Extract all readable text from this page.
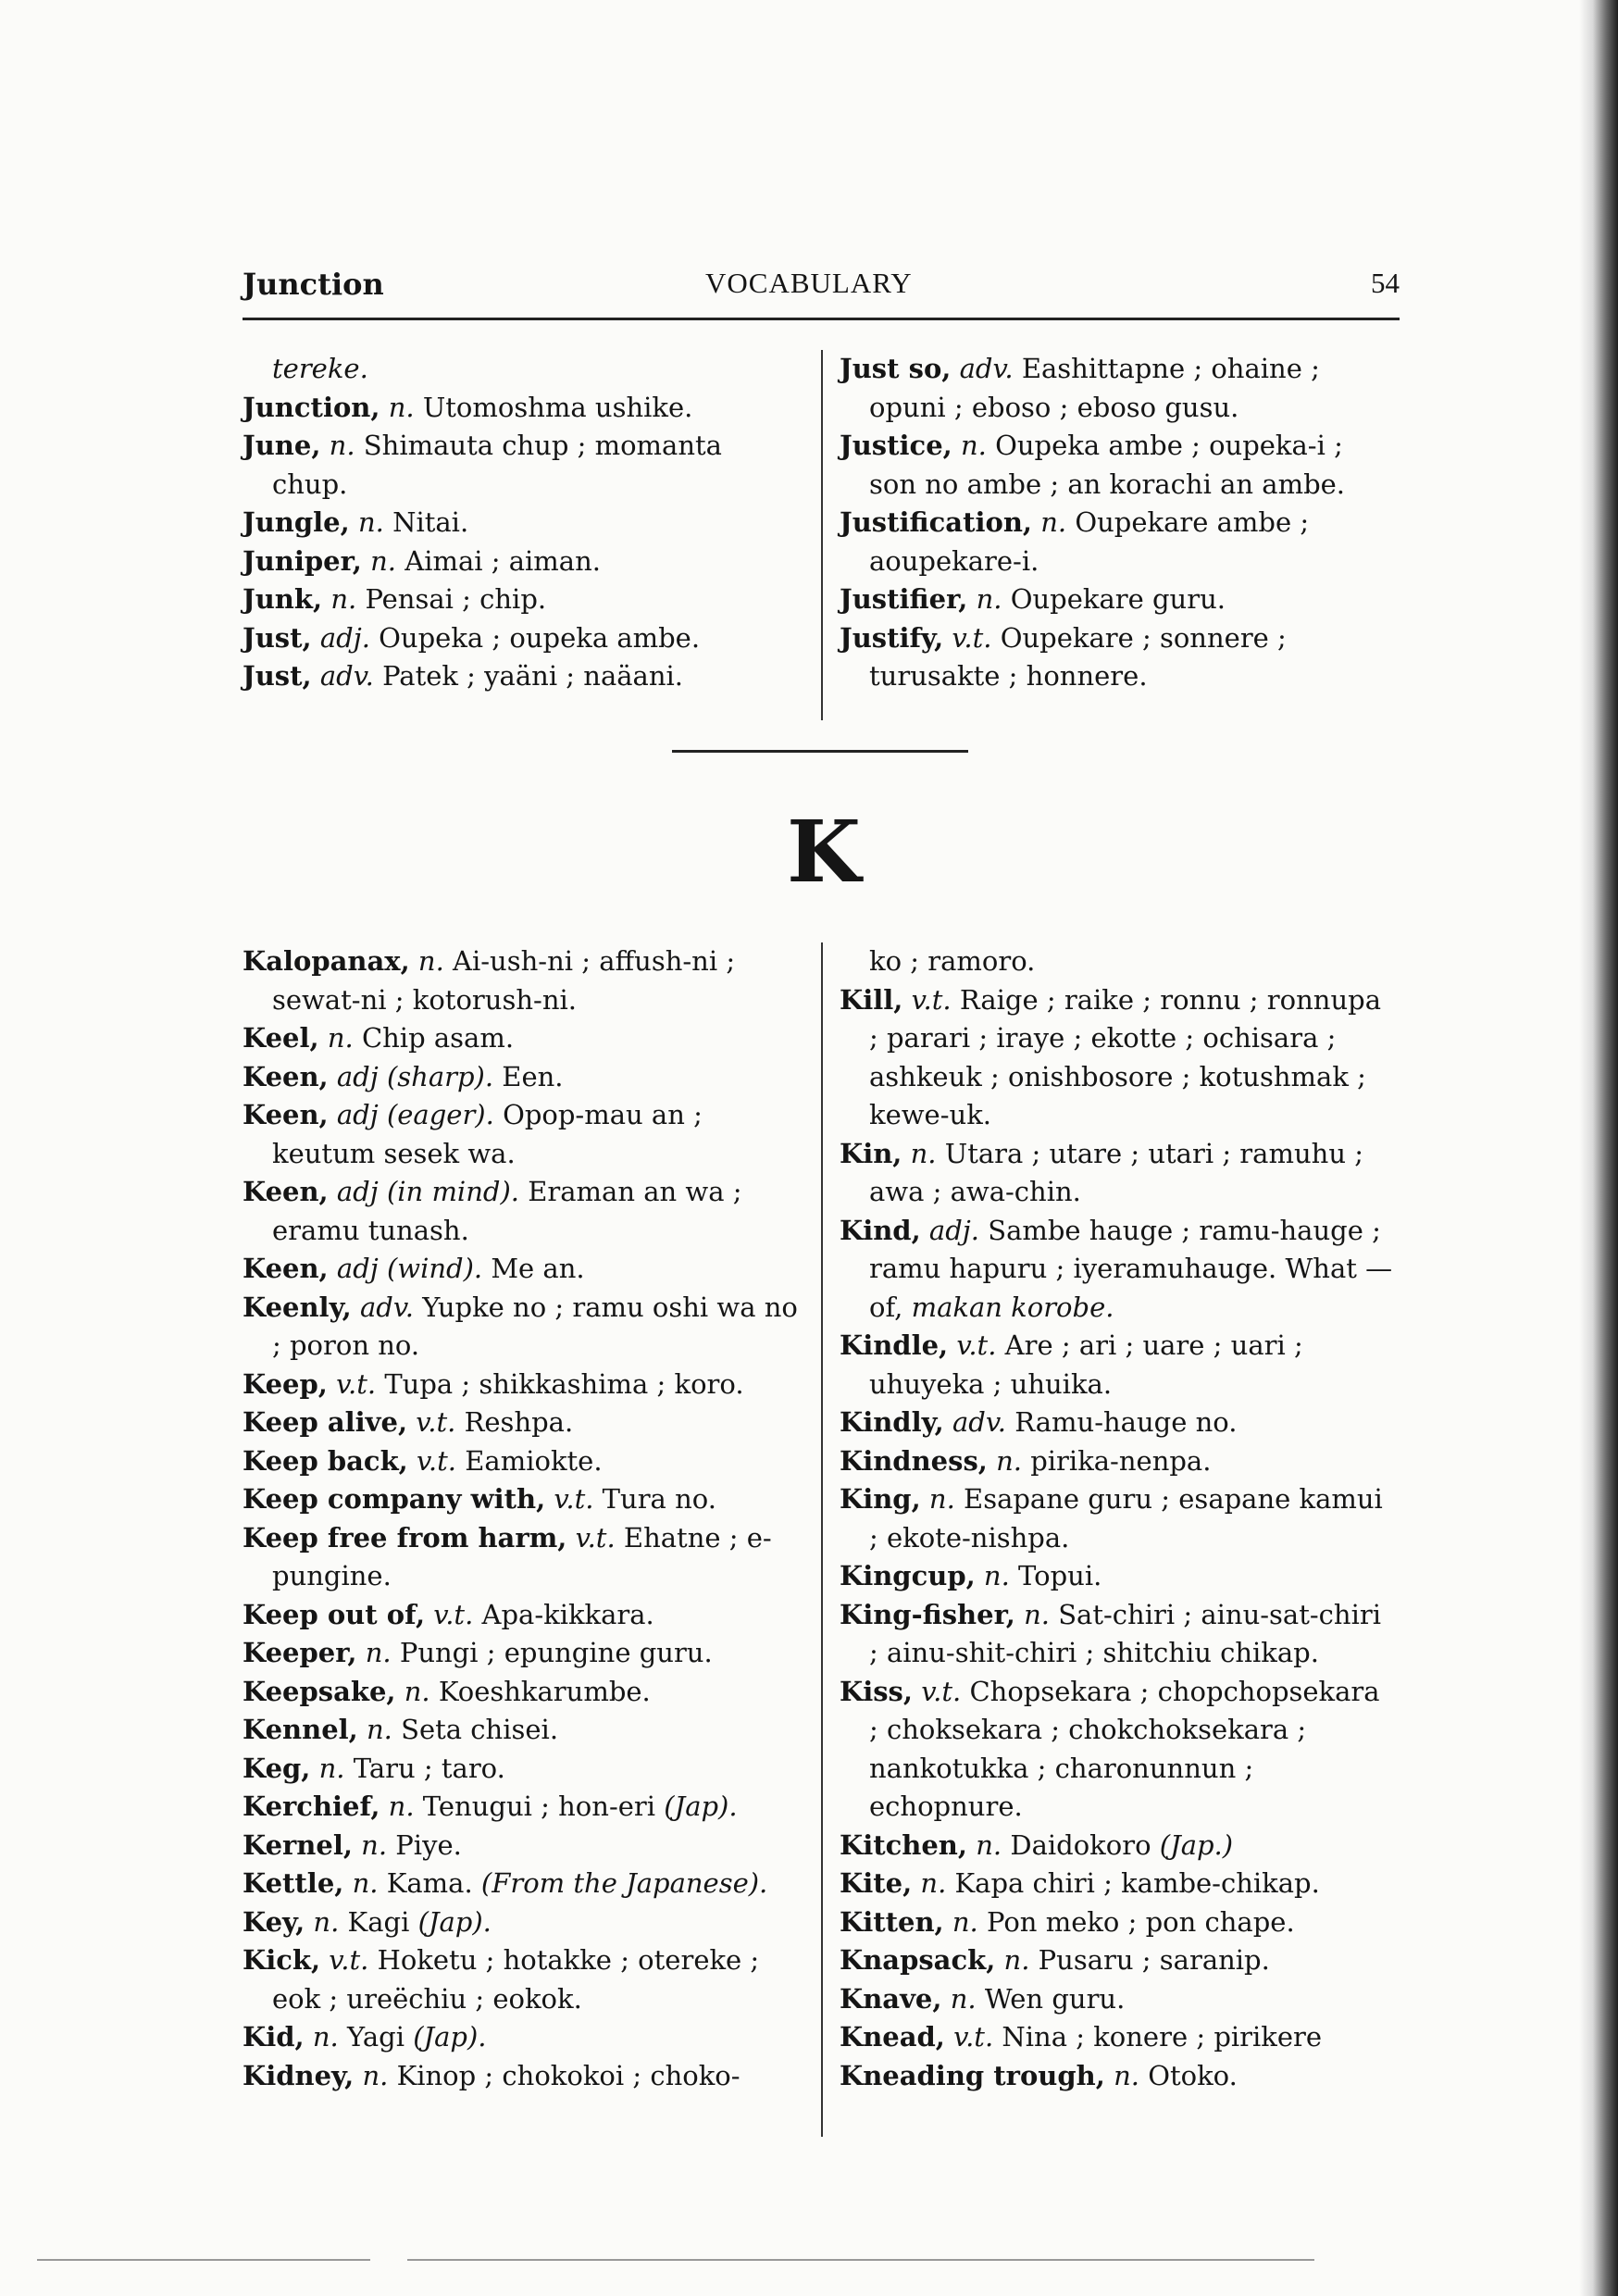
Junction	VOCABULARY	54

tereke.

Junction, n. Utomoshma ushike.

June, n. Shimauta chup ; momanta chup.

Jungle, n. Nitai.

Juniper, n. Aimai ; aiman.

Junk, n. Pensai ; chip.

Just, adj. Oupeka ; oupeka ambe.

Just, adv. Patek ; yaäni ; naäani.

Just so, adv. Eashittapne ; ohaine ; opuni ; eboso ; eboso gusu.

Justice, n. Oupeka ambe ; oupeka-i ; son no ambe ; an korachi an ambe.

Justification, n. Oupekare ambe ; aoupekare-i.

Justifier, n. Oupekare guru.

Justify, v.t. Oupekare ; sonnere ; turusakte ; honnere.

K

Kalopanax, n. Ai-ush-ni ; affush-ni ; sewat-ni ; kotorush-ni.

Keel, n. Chip asam.

Keen, adj (sharp). Een.

Keen, adj (eager). Opop-mau an ; keutum sesek wa.

Keen, adj (in mind). Eraman an wa ; eramu tunash.

Keen, adj (wind). Me an.

Keenly, adv. Yupke no ; ramu oshi wa no ; poron no.

Keep, v.t. Tupa ; shikkashima ; koro.

Keep alive, v.t. Reshpa.

Keep back, v.t. Eamiokte.

Keep company with, v.t. Tura no.

Keep free from harm, v.t. Ehatne ; e-pungine.

Keep out of, v.t. Apa-kikkara.

Keeper, n. Pungi ; epungine guru.

Keepsake, n. Koeshkarumbe.

Kennel, n. Seta chisei.

Keg, n. Taru ; taro.

Kerchief, n. Tenugui ; hon-eri (Jap).

Kernel, n. Piye.

Kettle, n. Kama. (From the Japanese).

Key, n. Kagi (Jap).

Kick, v.t. Hoketu ; hotakke ; otereke ; eok ; ureëchiu ; eokok.

Kid, n. Yagi (Jap).

Kidney, n. Kinop ; chokokoi ; choko-

ko ; ramoro.

Kill, v.t. Raige ; raike ; ronnu ; ronnupa ; parari ; iraye ; ekotte ; ochisara ; ashkeuk ; onishbosore ; kotushmak ; kewe-uk.

Kin, n. Utara ; utare ; utari ; ramuhu ; awa ; awa-chin.

Kind, adj. Sambe hauge ; ramu-hauge ; ramu hapuru ; iyeramuhauge. What — of, makan korobe.

Kindle, v.t. Are ; ari ; uare ; uari ; uhuyeka ; uhuika.

Kindly, adv. Ramu-hauge no.

Kindness, n. pirika-nenpa.

King, n. Esapane guru ; esapane kamui ; ekote-nishpa.

Kingcup, n. Topui.

King-fisher, n. Sat-chiri ; ainu-sat-chiri ; ainu-shit-chiri ; shitchiu chikap.

Kiss, v.t. Chopsekara ; chopchopsekara ; choksekara ; chokchoksekara ; nankotukka ; charonunnun ; echopnure.

Kitchen, n. Daidokoro (Jap.)

Kite, n. Kapa chiri ; kambe-chikap.

Kitten, n. Pon meko ; pon chape.

Knapsack, n. Pusaru ; saranip.

Knave, n. Wen guru.

Knead, v.t. Nina ; konere ; pirikere

Kneading trough, n. Otoko.
